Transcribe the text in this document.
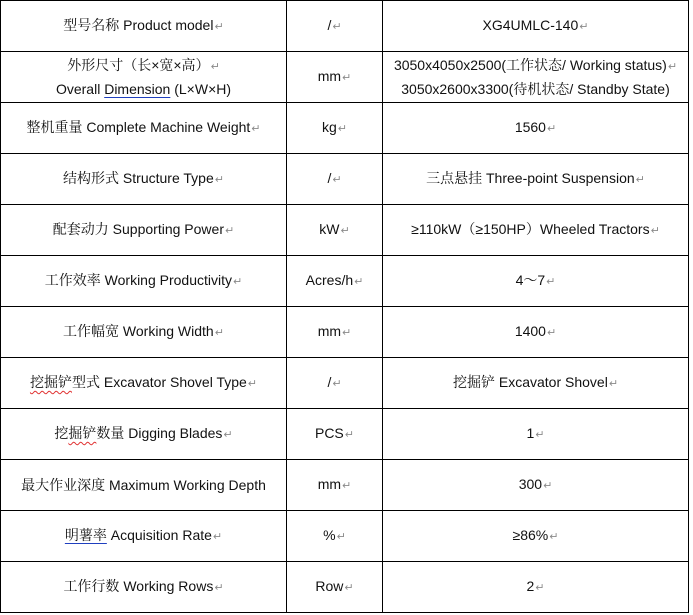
型号名称 Product model↵	/↵	XG4UMLC-140↵

外形尺寸（长×宽×高）↵
Overall Dimension (L×W×H)	mm↵	3050x4050x2500(工作状态/ Working status)↵
3050x2600x3300(待机状态/ Standby State)

整机重量 Complete Machine Weight↵	kg↵	1560↵
结构形式 Structure Type↵	/↵	三点悬挂 Three-point Suspension↵
配套动力 Supporting Power↵	kW↵	≥110kW（≥150HP）Wheeled Tractors↵
工作效率 Working Productivity↵	Acres/h↵	4～7↵
工作幅宽 Working Width↵	mm↵	1400↵
挖掘铲型式 Excavator Shovel Type↵	/↵	挖掘铲 Excavator Shovel↵
挖掘铲数量 Digging Blades↵	PCS↵	1↵
最大作业深度 Maximum Working Depth	mm↵	300↵
明薯率 Acquisition Rate↵	%↵	≥86%↵
工作行数 Working Rows↵	Row↵	2↵
